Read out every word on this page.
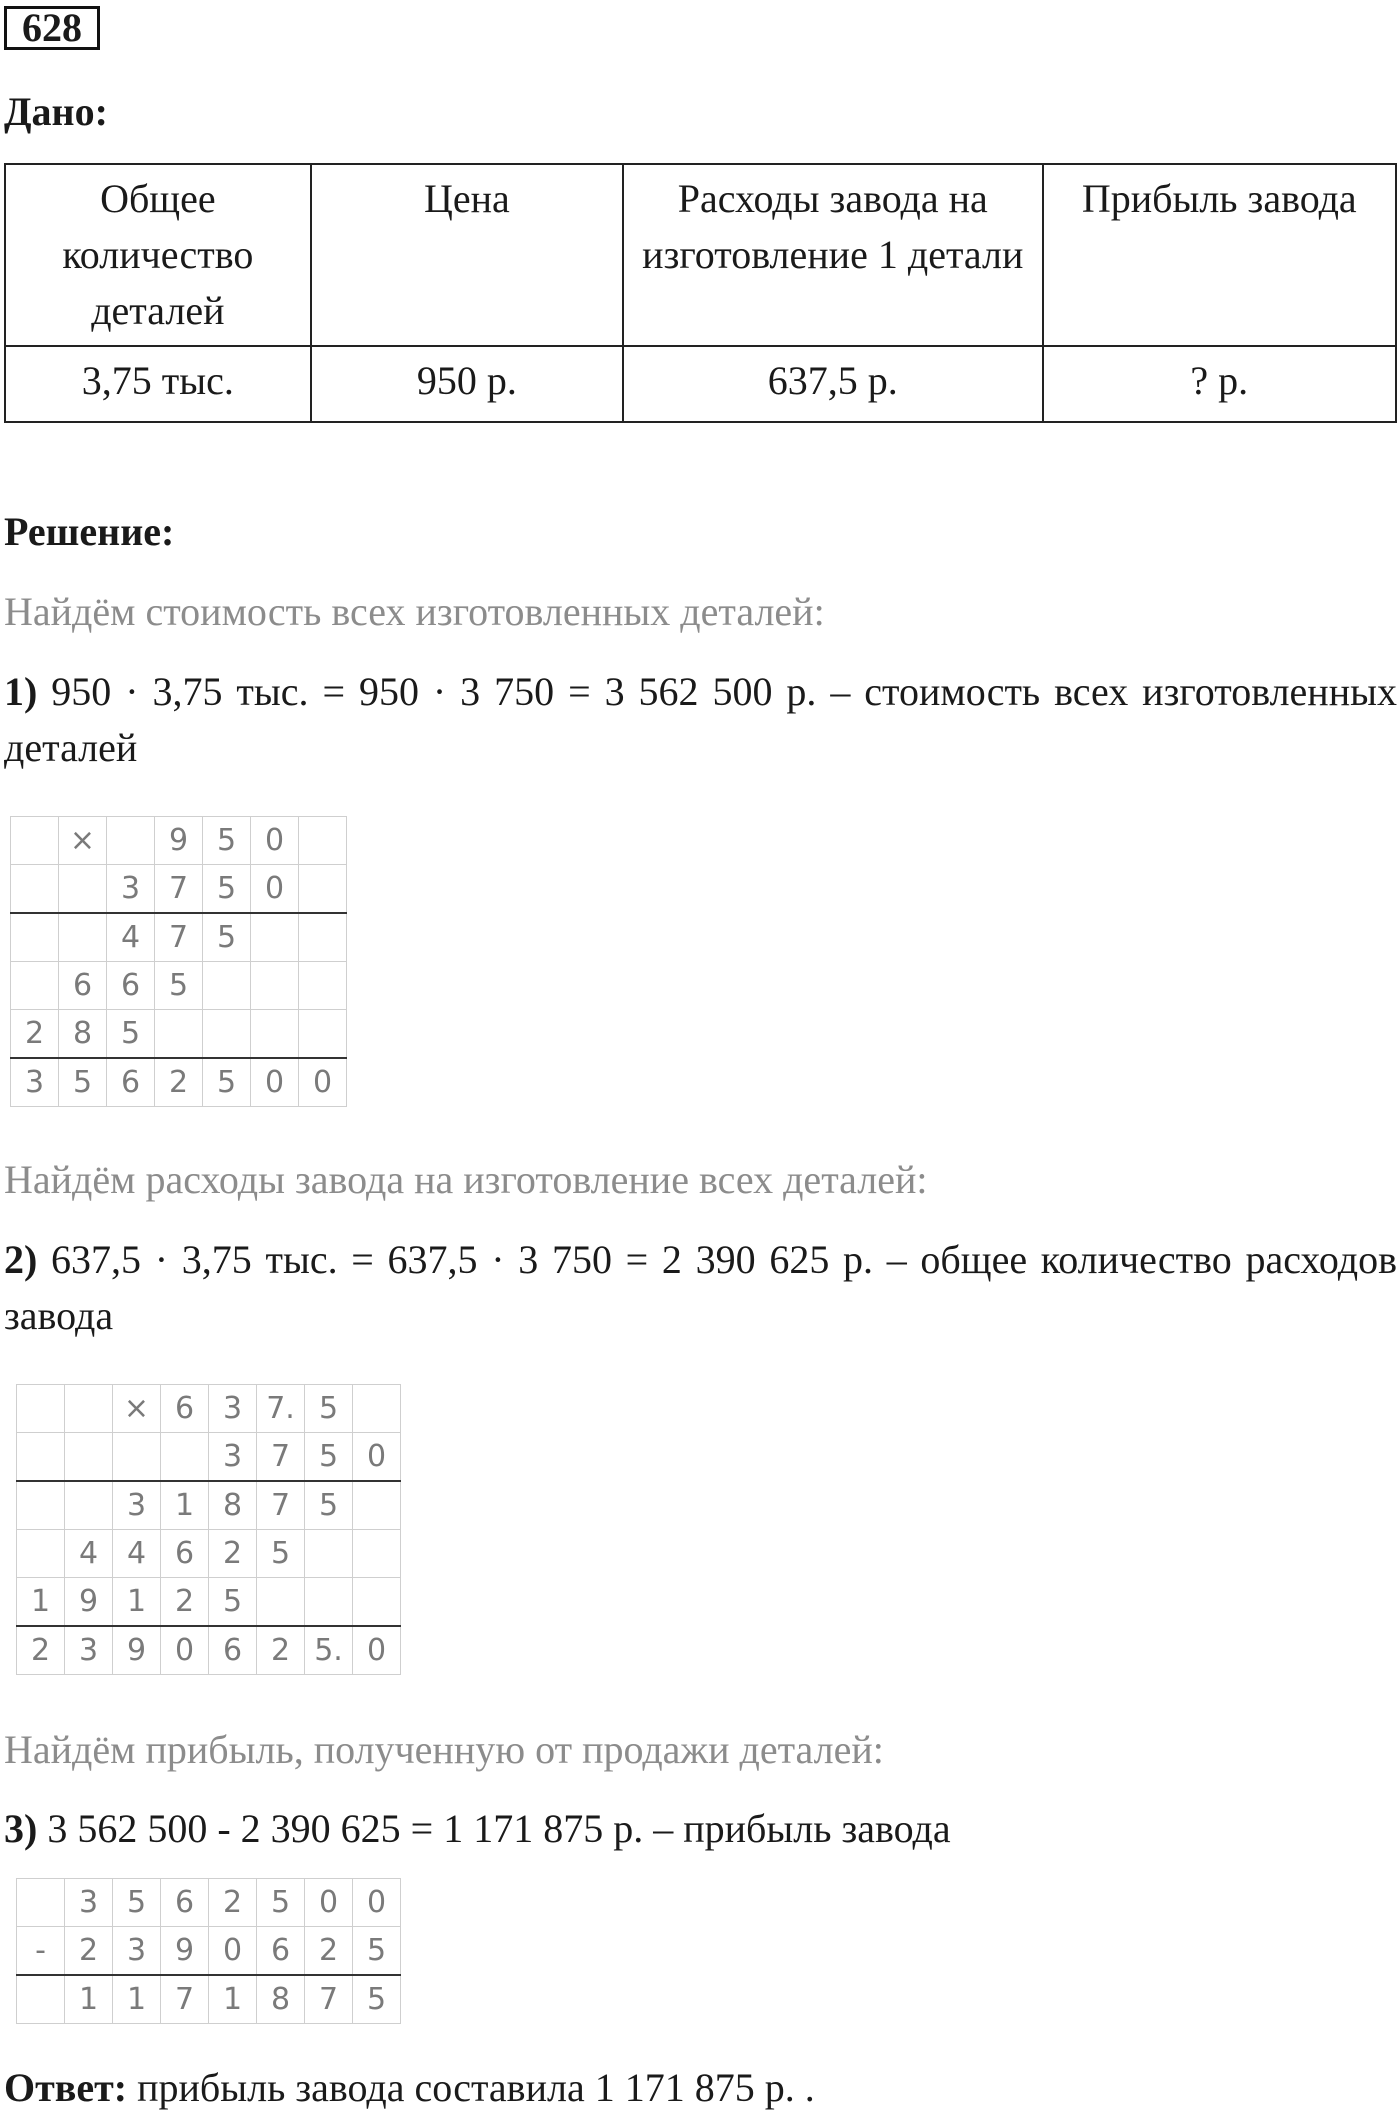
628
Дано:
Общее количество деталей	Цена	Расходы завода на изготовление 1 детали	Прибыль завода
3,75 тыс.	950 р.	637,5 р.	? р.
Решение:
Найдём стоимость всех изготовленных деталей:
1) 950 · 3,75 тыс. = 950 · 3 750 = 3 562 500 р. – стоимость всех изготовленных деталей
	×		9	5	0	
		3	7	5	0	
		4	7	5		
	6	6	5			
2	8	5				
3	5	6	2	5	0	0
Найдём расходы завода на изготовление всех деталей:
2) 637,5 · 3,75 тыс. = 637,5 · 3 750 = 2 390 625 р. – общее количество расходов завода
		×	6	3	7.	5	
				3	7	5	0
		3	1	8	7	5	
	4	4	6	2	5		
1	9	1	2	5			
2	3	9	0	6	2	5.	0
Найдём прибыль, полученную от продажи деталей:
3) 3 562 500 - 2 390 625 = 1 171 875 р. – прибыль завода
	3	5	6	2	5	0	0
-	2	3	9	0	6	2	5
	1	1	7	1	8	7	5
Ответ: прибыль завода составила 1 171 875 р. .
